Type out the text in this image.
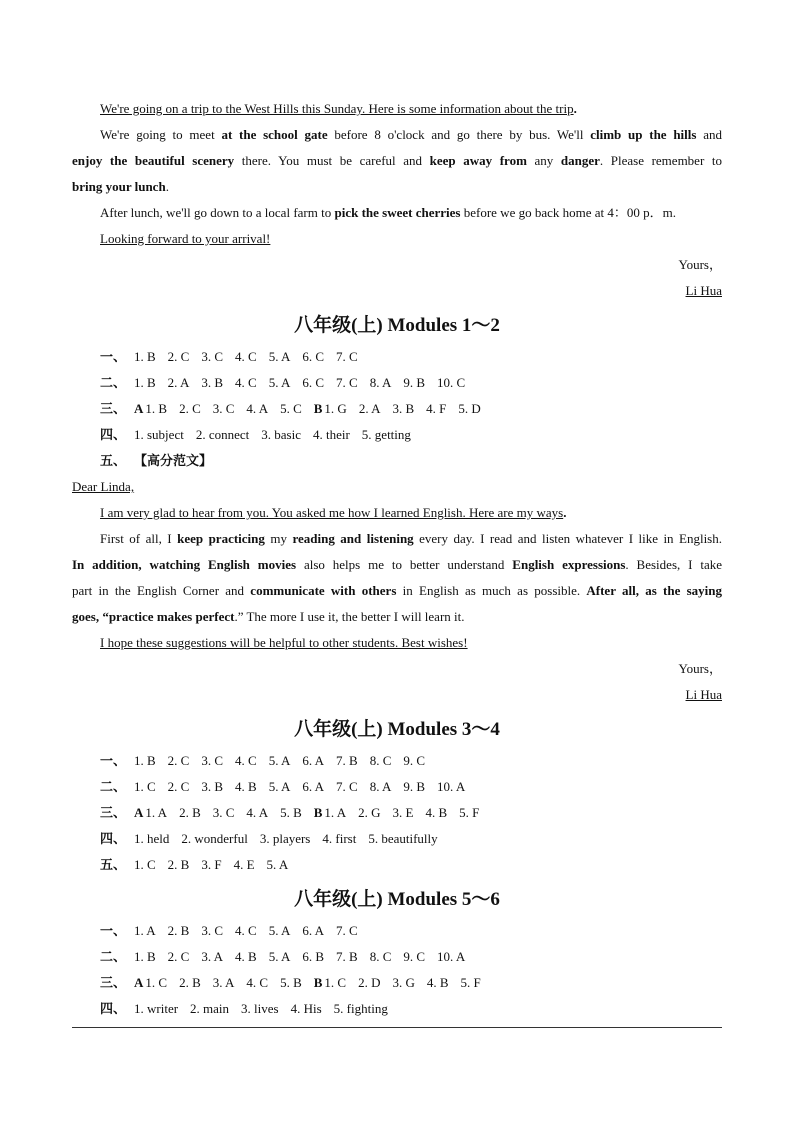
We're going on a trip to the West Hills this Sunday. Here is some information about the trip.
We're going to meet at the school gate before 8 o'clock and go there by bus. We'll climb up the hills and
enjoy the beautiful scenery there. You must be careful and keep away from any danger. Please remember to
bring your lunch.
After lunch, we'll go down to a local farm to pick the sweet cherries before we go back home at 4：00 p．m.
Looking forward to your arrival!
Yours，
Li Hua
八年级(上) Modules 1～2
一、 1. B 2. C 3. C 4. C 5. A 6. C 7. C
二、 1. B 2. A 3. B 4. C 5. A 6. C 7. C 8. A 9. B 10. C
三、 A 1. B 2. C 3. C 4. A 5. C B 1. G 2. A 3. B 4. F 5. D
四、 1. subject 2. connect 3. basic 4. their 5. getting
五、 【高分范文】
Dear Linda,
I am very glad to hear from you. You asked me how I learned English. Here are my ways.
First of all, I keep practicing my reading and listening every day. I read and listen whatever I like in English.
In addition, watching English movies also helps me to better understand English expressions. Besides, I take
part in the English Corner and communicate with others in English as much as possible. After all, as the saying
goes, “practice makes perfect.” The more I use it, the better I will learn it.
I hope these suggestions will be helpful to other students. Best wishes!
Yours，
Li Hua
八年级(上) Modules 3～4
一、 1. B 2. C 3. C 4. C 5. A 6. A 7. B 8. C 9. C
二、 1. C 2. C 3. B 4. B 5. A 6. A 7. C 8. A 9. B 10. A
三、 A 1. A 2. B 3. C 4. A 5. B B 1. A 2. G 3. E 4. B 5. F
四、 1. held 2. wonderful 3. players 4. first 5. beautifully
五、 1. C 2. B 3. F 4. E 5. A
八年级(上) Modules 5～6
一、 1. A 2. B 3. C 4. C 5. A 6. A 7. C
二、 1. B 2. C 3. A 4. B 5. A 6. B 7. B 8. C 9. C 10. A
三、 A 1. C 2. B 3. A 4. C 5. B B 1. C 2. D 3. G 4. B 5. F
四、 1. writer 2. main 3. lives 4. His 5. fighting
